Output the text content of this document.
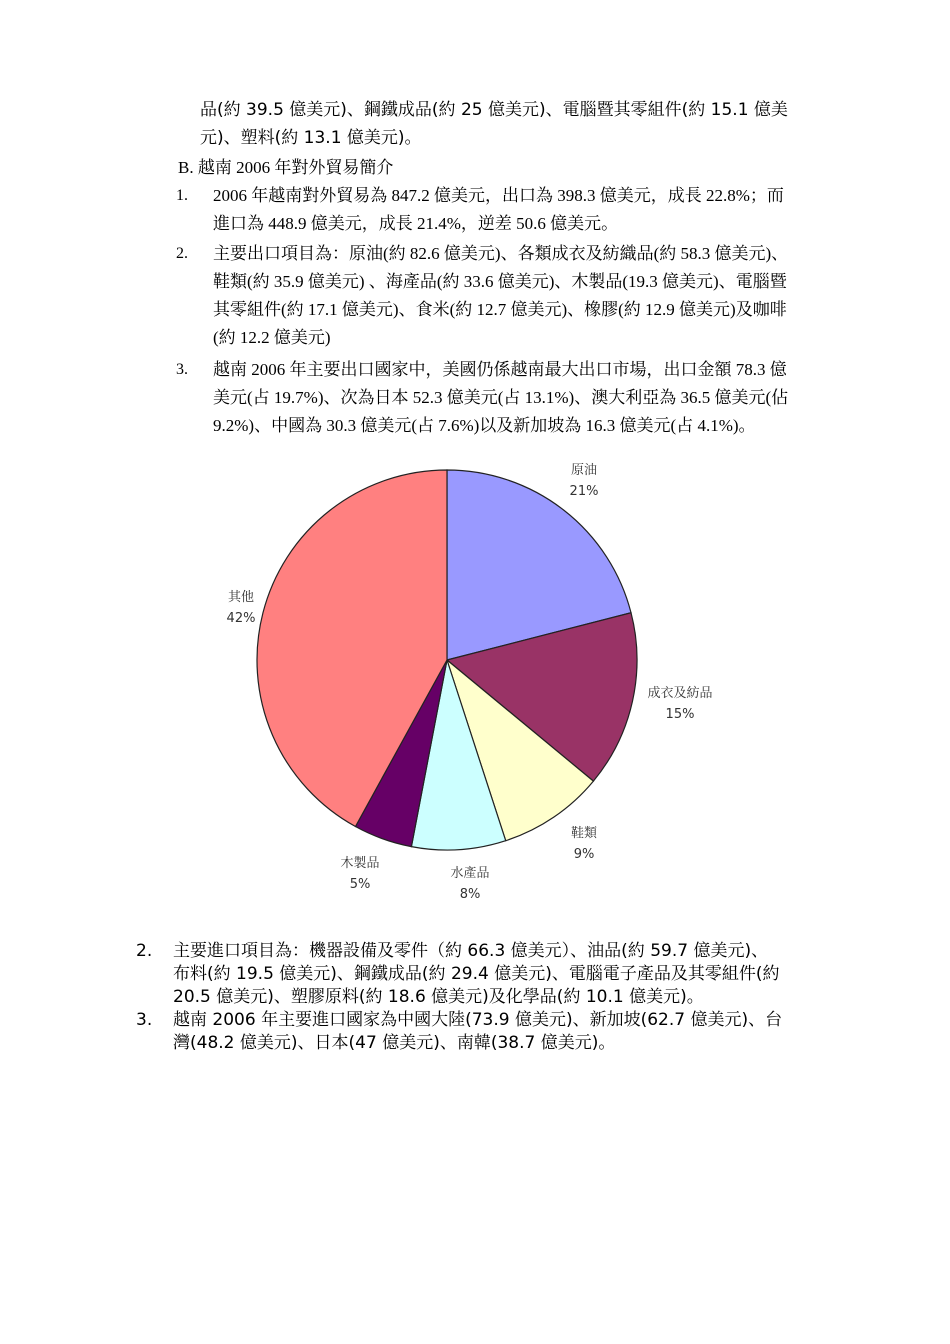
品(約 39.5 億美元)、鋼鐵成品(約 25 億美元)、電腦暨其零組件(約 15.1 億美
元)、塑料(約 13.1 億美元)。
B. 越南 2006 年對外貿易簡介
1. 2006 年越南對外貿易為 847.2 億美元，出口為 398.3 億美元，成長 22.8%；而
進口為 448.9 億美元，成長 21.4%，逆差 50.6 億美元。
2. 主要出口項目為：原油(約 82.6 億美元)、各類成衣及紡織品(約 58.3 億美元)、
鞋類(約 35.9 億美元) 、海產品(約 33.6 億美元)、木製品(19.3 億美元)、電腦暨
其零組件(約 17.1 億美元)、食米(約 12.7 億美元)、橡膠(約 12.9 億美元)及咖啡
(約 12.2 億美元)
3. 越南 2006 年主要出口國家中，美國仍係越南最大出口市場，出口金額 78.3 億
美元(占 19.7%)、次為日本 52.3 億美元(占 13.1%)、澳大利亞為 36.5 億美元(佔
9.2%)、中國為 30.3 億美元(占 7.6%)以及新加坡為 16.3 億美元(占 4.1%)。
原油
21%
成衣及紡品
15%
鞋類
9%
水產品
8%
木製品
5%
其他
42%
2. 主要進口項目為：機器設備及零件（約 66.3 億美元）、油品(約 59.7 億美元)、
布料(約 19.5 億美元)、鋼鐵成品(約 29.4 億美元)、電腦電子產品及其零組件(約
20.5 億美元)、塑膠原料(約 18.6 億美元)及化學品(約 10.1 億美元)。
3. 越南 2006 年主要進口國家為中國大陸(73.9 億美元)、新加坡(62.7 億美元)、台
灣(48.2 億美元)、日本(47 億美元)、南韓(38.7 億美元)。
